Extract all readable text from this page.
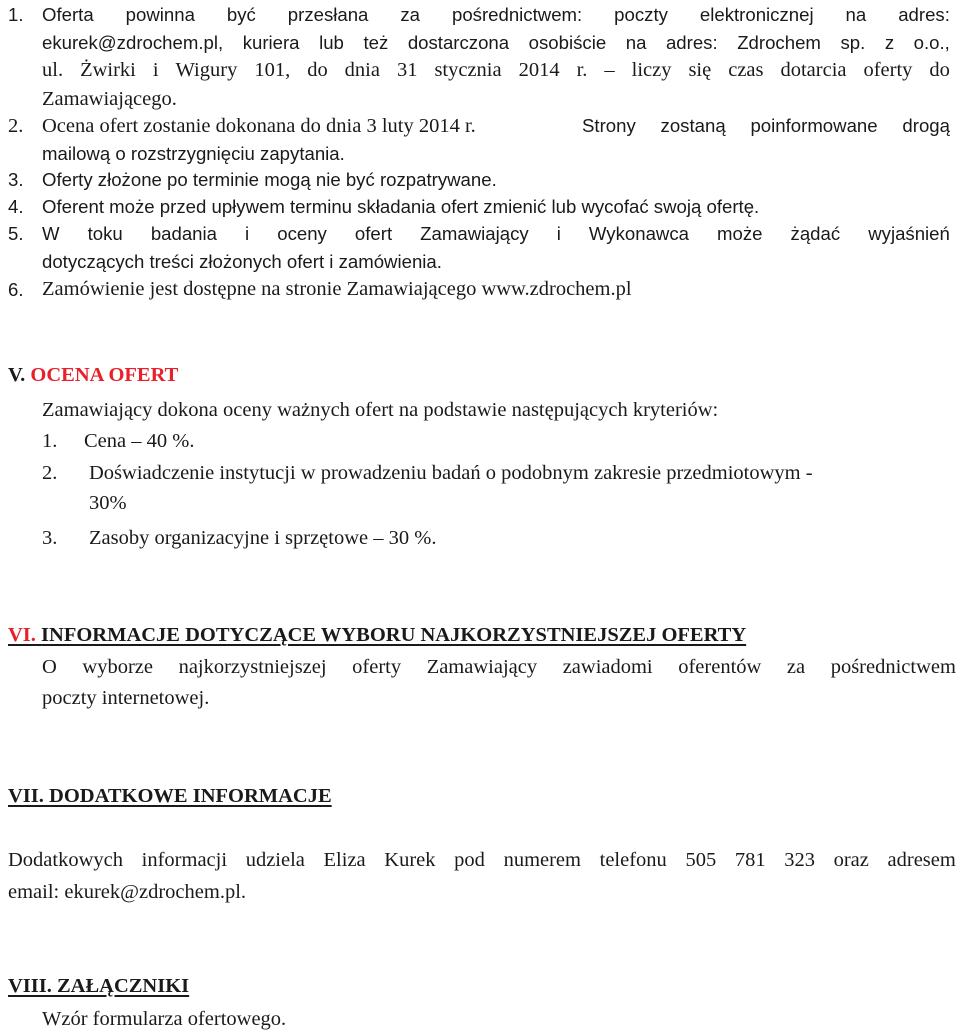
1. Oferta powinna być przesłana za pośrednictwem: poczty elektronicznej na adres:
ekurek@zdrochem.pl, kuriera lub też dostarczona osobiście na adres: Zdrochem sp. z o.o.,
ul. Żwirki i Wigury 101, do dnia 31 stycznia 2014 r. – liczy się czas dotarcia oferty do
Zamawiającego.
2. Ocena ofert zostanie dokonana do dnia 3 luty 2014 r.	Strony zostaną poinformowane drogą
mailową o rozstrzygnięciu zapytania.
3. Oferty złożone po terminie mogą nie być rozpatrywane.
4. Oferent może przed upływem terminu składania ofert zmienić lub wycofać swoją ofertę.
5. W toku badania i oceny ofert Zamawiający i Wykonawca może żądać wyjaśnień
dotyczących treści złożonych ofert i zamówienia.
6. Zamówienie jest dostępne na stronie Zamawiającego www.zdrochem.pl
V. OCENA OFERT
Zamawiający dokona oceny ważnych ofert na podstawie następujących kryteriów:
1. Cena – 40 %.
2. Doświadczenie instytucji w prowadzeniu badań o podobnym zakresie przedmiotowym -
30%
3. Zasoby organizacyjne i sprzętowe – 30 %.
VI. INFORMACJE DOTYCZĄCE WYBORU NAJKORZYSTNIEJSZEJ OFERTY
O wyborze najkorzystniejszej oferty Zamawiający zawiadomi oferentów za pośrednictwem
poczty internetowej.
VII. DODATKOWE INFORMACJE
Dodatkowych informacji udziela Eliza Kurek pod numerem telefonu 505 781 323 oraz adresem
email: ekurek@zdrochem.pl.
VIII. ZAŁĄCZNIKI
Wzór formularza ofertowego.
